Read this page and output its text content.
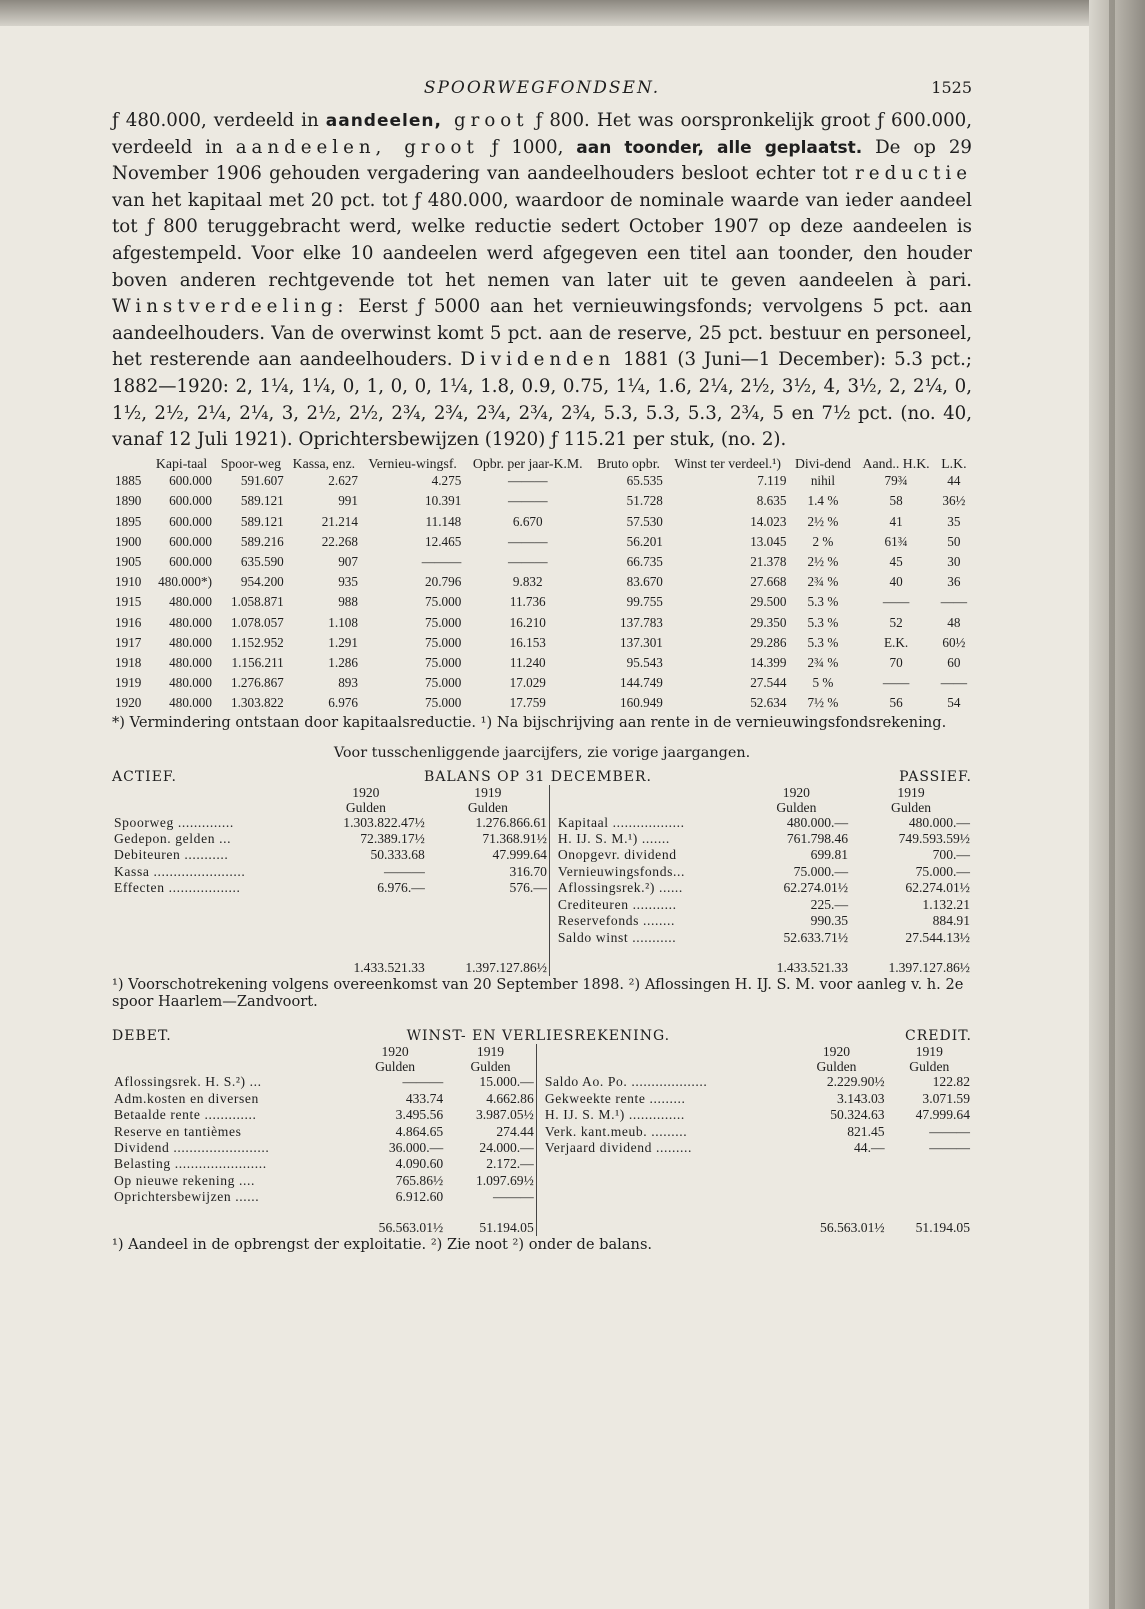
SPOORWEGFONDSEN.	1525

ƒ 480.000, verdeeld in aandeelen, groot ƒ 800. Het was oorspronkelijk groot ƒ 600.000, verdeeld in aandeelen, groot ƒ 1000, aan toonder, alle geplaatst. De op 29 November 1906 gehouden vergadering van aandeelhouders besloot echter tot reductie van het kapitaal met 20 pct. tot ƒ 480.000, waardoor de nominale waarde van ieder aandeel tot ƒ 800 teruggebracht werd, welke reductie sedert October 1907 op deze aandeelen is afgestempeld. Voor elke 10 aandeelen werd afgegeven een titel aan toonder, den houder boven anderen rechtgevende tot het nemen van later uit te geven aandeelen à pari. Winstverdeeling: Eerst ƒ 5000 aan het vernieuwingsfonds; vervolgens 5 pct. aan aandeelhouders. Van de overwinst komt 5 pct. aan de reserve, 25 pct. bestuur en personeel, het resterende aan aandeelhouders. Dividenden 1881 (3 Juni—1 December): 5.3 pct.; 1882—1920: 2, 1¼, 1¼, 0, 1, 0, 0, 1¼, 1.8, 0.9, 0.75, 1¼, 1.6, 2¼, 2½, 3½, 4, 3½, 2, 2¼, 0, 1½, 2½, 2¼, 2¼, 3, 2½, 2½, 2¾, 2¾, 2¾, 2¾, 2¾, 5.3, 5.3, 5.3, 2¾, 5 en 7½ pct. (no. 40, vanaf 12 Juli 1921). Oprichtersbewijzen (1920) ƒ 115.21 per stuk, (no. 2).

	Kapi-taal	Spoor-weg	Kassa, enz.	Vernieu-wingsf.	Opbr. per jaar-K.M.	Bruto opbr.	Winst ter verdeel.¹)	Divi-dend	Aand.. H.K.	L.K.
1885	600.000	591.607	2.627	4.275	———	65.535	7.119	nihil	79¾	44
1890	600.000	589.121	991	10.391	———	51.728	8.635	1.4 %	58	36½
1895	600.000	589.121	21.214	11.148	6.670	57.530	14.023	2½ %	41	35
1900	600.000	589.216	22.268	12.465	———	56.201	13.045	2 %	61¾	50
1905	600.000	635.590	907	———	———	66.735	21.378	2½ %	45	30
1910	480.000*)	954.200	935	20.796	9.832	83.670	27.668	2¾ %	40	36
1915	480.000	1.058.871	988	75.000	11.736	99.755	29.500	5.3 %	——	——
1916	480.000	1.078.057	1.108	75.000	16.210	137.783	29.350	5.3 %	52	48
1917	480.000	1.152.952	1.291	75.000	16.153	137.301	29.286	5.3 %	E.K.	60½
1918	480.000	1.156.211	1.286	75.000	11.240	95.543	14.399	2¾ %	70	60
1919	480.000	1.276.867	893	75.000	17.029	144.749	27.544	5 %	——	——
1920	480.000	1.303.822	6.976	75.000	17.759	160.949	52.634	7½ %	56	54

*) Vermindering ontstaan door kapitaalsreductie. ¹) Na bijschrijving aan rente in de vernieuwingsfondsrekening.

Voor tusschenliggende jaarcijfers, zie vorige jaargangen.
ACTIEF.	BALANS OP 31 DECEMBER.	PASSIEF.
	1920	1919			1920	1919
	Gulden	Gulden			Gulden	Gulden
Spoorweg ..............	1.303.822.47½	1.276.866.61		Kapitaal ..................	480.000.—	480.000.—
Gedepon. gelden ...	72.389.17½	71.368.91½		H. IJ. S. M.¹) .......	761.798.46	749.593.59½
Debiteuren ...........	50.333.68	47.999.64		Onopgevr. dividend	699.81	700.—
Kassa .......................	———	316.70		Vernieuwingsfonds...	75.000.—	75.000.—
Effecten ..................	6.976.—	576.—		Aflossingsrek.²) ......	62.274.01½	62.274.01½
				Crediteuren ...........	225.—	1.132.21
				Reservefonds ........	990.35	884.91
				Saldo winst ...........	52.633.71½	27.544.13½
	1.433.521.33	1.397.127.86½			1.433.521.33	1.397.127.86½

¹) Voorschotrekening volgens overeenkomst van 20 September 1898. ²) Aflossingen H. IJ. S. M. voor aanleg v. h. 2e spoor Haarlem—Zandvoort.

DEBET.	WINST- EN VERLIESREKENING.	CREDIT.
	1920	1919			1920	1919
	Gulden	Gulden			Gulden	Gulden
Aflossingsrek. H. S.²) ...	———	15.000.—		Saldo Ao. Po. ...................	2.229.90½	122.82
Adm.kosten en diversen	433.74	4.662.86		Gekweekte rente .........	3.143.03	3.071.59
Betaalde rente .............	3.495.56	3.987.05½		H. IJ. S. M.¹) ..............	50.324.63	47.999.64
Reserve en tantièmes	4.864.65	274.44		Verk. kant.meub. .........	821.45	———
Dividend ........................	36.000.—	24.000.—		Verjaard dividend .........	44.—	———
Belasting .......................	4.090.60	2.172.—				
Op nieuwe rekening ....	765.86½	1.097.69½				
Oprichtersbewijzen ......	6.912.60	———				
	56.563.01½	51.194.05			56.563.01½	51.194.05

¹) Aandeel in de opbrengst der exploitatie. ²) Zie noot ²) onder de balans.
